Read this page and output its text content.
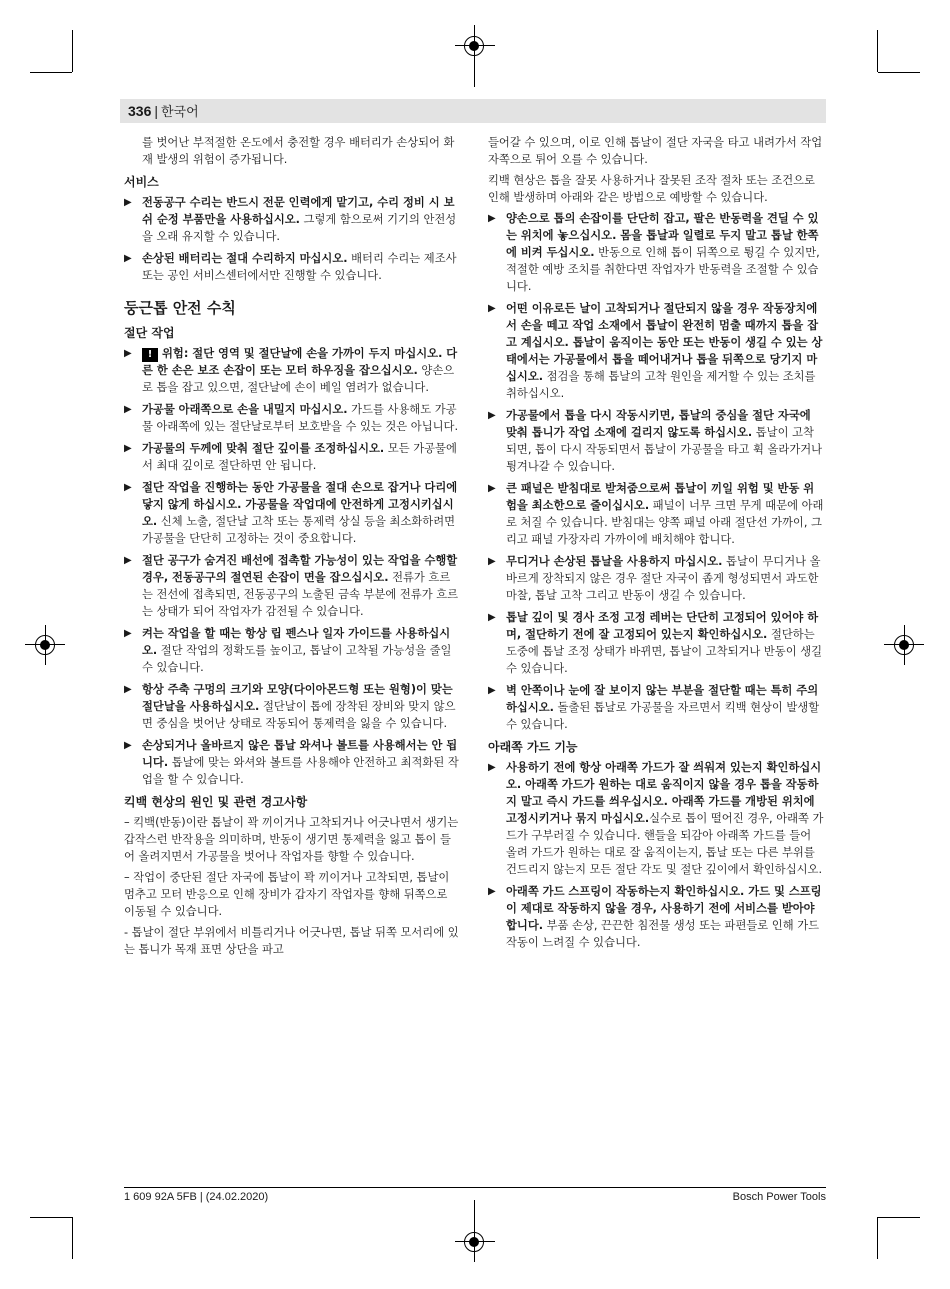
336 | 한국어

를 벗어난 부적절한 온도에서 충전할 경우 배터리가 손상되어 화재 발생의 위험이 증가됩니다.

서비스
▶ 전동공구 수리는 반드시 전문 인력에게 맡기고, 수리 정비 시 보쉬 순정 부품만을 사용하십시오. 그렇게 함으로써 기기의 안전성을 오래 유지할 수 있습니다.
▶ 손상된 배터리는 절대 수리하지 마십시오. 배터리 수리는 제조사 또는 공인 서비스센터에서만 진행할 수 있습니다.
둥근톱 안전 수칙
절단 작업
▶ ! 위험: 절단 영역 및 절단날에 손을 가까이 두지 마십시오. 다른 한 손은 보조 손잡이 또는 모터 하우징을 잡으십시오. 양손으로 톱을 잡고 있으면, 절단날에 손이 베일 염려가 없습니다.
▶ 가공물 아래쪽으로 손을 내밀지 마십시오. 가드를 사용해도 가공물 아래쪽에 있는 절단날로부터 보호받을 수 있는 것은 아닙니다.
▶ 가공물의 두께에 맞춰 절단 깊이를 조정하십시오. 모든 가공물에서 최대 깊이로 절단하면 안 됩니다.
▶ 절단 작업을 진행하는 동안 가공물을 절대 손으로 잡거나 다리에 닿지 않게 하십시오. 가공물을 작업대에 안전하게 고정시키십시오. 신체 노출, 절단날 고착 또는 통제력 상실 등을 최소화하려면 가공물을 단단히 고정하는 것이 중요합니다.
▶ 절단 공구가 숨겨진 배선에 접촉할 가능성이 있는 작업을 수행할 경우, 전동공구의 절연된 손잡이 면을 잡으십시오. 전류가 흐르는 전선에 접촉되면, 전동공구의 노출된 금속 부분에 전류가 흐르는 상태가 되어 작업자가 감전될 수 있습니다.
▶ 켜는 작업을 할 때는 항상 립 펜스나 일자 가이드를 사용하십시오. 절단 작업의 정확도를 높이고, 톱날이 고착될 가능성을 줄일 수 있습니다.
▶ 항상 주축 구멍의 크기와 모양(다이아몬드형 또는 원형)이 맞는 절단날을 사용하십시오. 절단날이 톱에 장착된 장비와 맞지 않으면 중심을 벗어난 상태로 작동되어 통제력을 잃을 수 있습니다.
▶ 손상되거나 올바르지 않은 톱날 와셔나 볼트를 사용해서는 안 됩니다. 톱날에 맞는 와셔와 볼트를 사용해야 안전하고 최적화된 작업을 할 수 있습니다.
킥백 현상의 원인 및 관련 경고사항

– 킥백(반동)이란 톱날이 꽉 끼이거나 고착되거나 어긋나면서 생기는 갑작스런 반작용을 의미하며, 반동이 생기면 통제력을 잃고 톱이 들어 올려지면서 가공물을 벗어나 작업자를 향할 수 있습니다.

– 작업이 중단된 절단 자국에 톱날이 꽉 끼이거나 고착되면, 톱날이 멈추고 모터 반응으로 인해 장비가 갑자기 작업자를 향해 뒤쪽으로 이동될 수 있습니다.

- 톱날이 절단 부위에서 비틀리거나 어긋나면, 톱날 뒤쪽 모서리에 있는 톱니가 목재 표면 상단을 파고

들어갈 수 있으며, 이로 인해 톱날이 절단 자국을 타고 내려가서 작업자쪽으로 튀어 오를 수 있습니다.

킥백 현상은 톱을 잘못 사용하거나 잘못된 조작 절차 또는 조건으로 인해 발생하며 아래와 같은 방법으로 예방할 수 있습니다.

▶ 양손으로 톱의 손잡이를 단단히 잡고, 팔은 반동력을 견딜 수 있는 위치에 놓으십시오. 몸을 톱날과 일렬로 두지 말고 톱날 한쪽에 비켜 두십시오. 반동으로 인해 톱이 뒤쪽으로 튕길 수 있지만, 적절한 예방 조치를 취한다면 작업자가 반동력을 조절할 수 있습니다.
▶ 어떤 이유로든 날이 고착되거나 절단되지 않을 경우 작동장치에서 손을 떼고 작업 소재에서 톱날이 완전히 멈출 때까지 톱을 잡고 계십시오. 톱날이 움직이는 동안 또는 반동이 생길 수 있는 상태에서는 가공물에서 톱을 떼어내거나 톱을 뒤쪽으로 당기지 마십시오. 점검을 통해 톱날의 고착 원인을 제거할 수 있는 조치를 취하십시오.
▶ 가공물에서 톱을 다시 작동시키면, 톱날의 중심을 절단 자국에 맞춰 톱니가 작업 소재에 걸리지 않도록 하십시오. 톱날이 고착되면, 톱이 다시 작동되면서 톱날이 가공물을 타고 휙 올라가거나 튕겨나갈 수 있습니다.
▶ 큰 패널은 받침대로 받쳐줌으로써 톱날이 끼일 위험 및 반동 위험을 최소한으로 줄이십시오. 패널이 너무 크면 무게 때문에 아래로 처질 수 있습니다. 받침대는 양쪽 패널 아래 절단선 가까이, 그리고 패널 가장자리 가까이에 배치해야 합니다.
▶ 무디거나 손상된 톱날을 사용하지 마십시오. 톱날이 무디거나 올바르게 장착되지 않은 경우 절단 자국이 좁게 형성되면서 과도한 마찰, 톱날 고착 그리고 반동이 생길 수 있습니다.
▶ 톱날 깊이 및 경사 조정 고정 레버는 단단히 고정되어 있어야 하며, 절단하기 전에 잘 고정되어 있는지 확인하십시오. 절단하는 도중에 톱날 조정 상태가 바뀌면, 톱날이 고착되거나 반동이 생길 수 있습니다.
▶ 벽 안쪽이나 눈에 잘 보이지 않는 부분을 절단할 때는 특히 주의하십시오. 돌출된 톱날로 가공물을 자르면서 킥백 현상이 발생할 수 있습니다.
아래쪽 가드 기능
▶ 사용하기 전에 항상 아래쪽 가드가 잘 씌워져 있는지 확인하십시오. 아래쪽 가드가 원하는 대로 움직이지 않을 경우 톱을 작동하지 말고 즉시 가드를 씌우십시오. 아래쪽 가드를 개방된 위치에 고정시키거나 묶지 마십시오.실수로 톱이 떨어진 경우, 아래쪽 가드가 구부러질 수 있습니다. 핸들을 되감아 아래쪽 가드를 들어 올려 가드가 원하는 대로 잘 움직이는지, 톱날 또는 다른 부위를 건드리지 않는지 모든 절단 각도 및 절단 깊이에서 확인하십시오.
▶ 아래쪽 가드 스프링이 작동하는지 확인하십시오. 가드 및 스프링이 제대로 작동하지 않을 경우, 사용하기 전에 서비스를 받아야 합니다. 부품 손상, 끈끈한 침전물 생성 또는 파편들로 인해 가드 작동이 느려질 수 있습니다.
1 609 92A 5FB | (24.02.2020)	Bosch Power Tools
